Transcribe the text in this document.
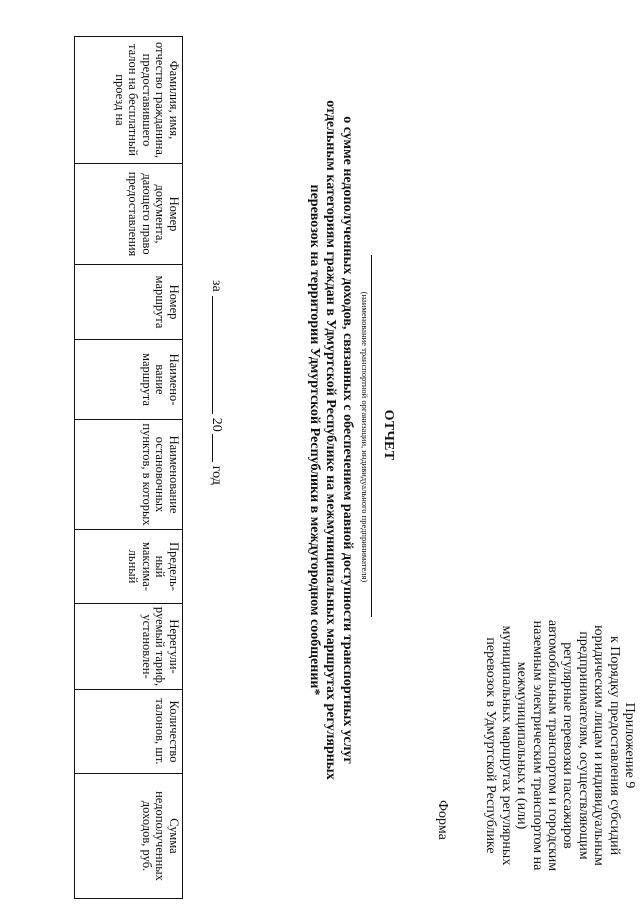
Приложение 9
к Порядку предоставления субсидий
юридическим лицам и индивидуальным
предпринимателям, осуществляющим
регулярные перевозки пассажиров
автомобильным транспортом и городским
наземным электрическим транспортом на
межмуниципальных и (или)
муниципальных маршрутах регулярных
перевозок в Удмуртской Республике
Форма
ОТЧЕТ
(наименование транспортной организации, индивидуального предпринимателя)
о сумме недополученных доходов, связанных с обеспечением равной доступности транспортных услуг
отдельным категориям граждан в Удмуртской Республике на межмуниципальных маршрутах регулярных
перевозок на территории Удмуртской Республики в междугородном сообщении*
за20год
Фамилия, имя, отчество гражданина, предоставившего талон на бесплатный проезд на	Номер документа, дающего право предоставления	Номер маршрута	Наимено-вание маршрута	Наименование остановочных пунктов, в которых	Предель-ный максима-льный	Нерегули-руемый тариф, установлен-	Количество талонов, шт.	Сумма недополученных доходов, руб.
